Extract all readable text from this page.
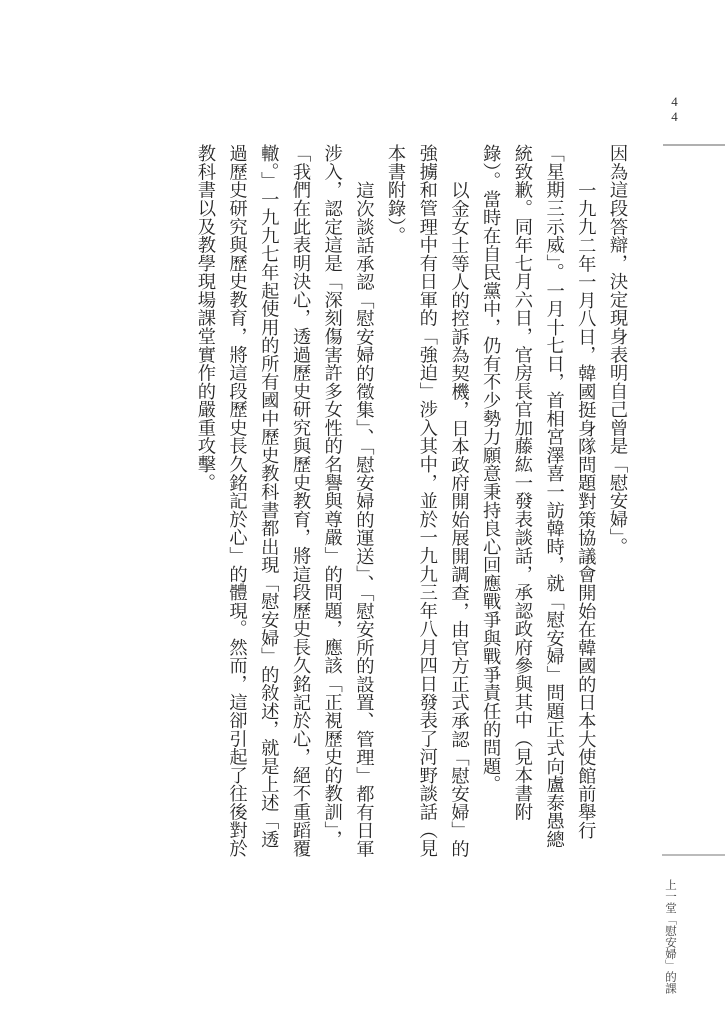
44

因為這段答辯，決定現身表明自己曾是「慰安婦」。

一九九二年一月八日，韓國挺身隊問題對策協議會開始在韓國的日本大使館前舉行「星期三示威」。一月十七日，首相宮澤喜一訪韓時，就「慰安婦」問題正式向盧泰愚總統致歉。同年七月六日，官房長官加藤紘一發表談話，承認政府參與其中（見本書附錄）。當時在自民黨中，仍有不少勢力願意秉持良心回應戰爭與戰爭責任的問題。

以金女士等人的控訴為契機，日本政府開始展開調查，由官方正式承認「慰安婦」的強擄和管理中有日軍的「強迫」涉入其中，並於一九九三年八月四日發表了河野談話（見本書附錄）。

這次談話承認「慰安婦的徵集」、「慰安婦的運送」、「慰安所的設置、管理」都有日軍涉入，認定這是「深刻傷害許多女性的名譽與尊嚴」的問題，應該「正視歷史的教訓」，「我們在此表明決心，透過歷史研究與歷史教育，將這段歷史長久銘記於心，絕不重蹈覆轍。」一九九七年起使用的所有國中歷史教科書都出現「慰安婦」的敘述，就是上述「透過歷史研究與歷史教育，將這段歷史長久銘記於心」的體現。然而，這卻引起了往後對於教科書以及教學現場課堂實作的嚴重攻擊。

上一堂「慰安婦」的課
